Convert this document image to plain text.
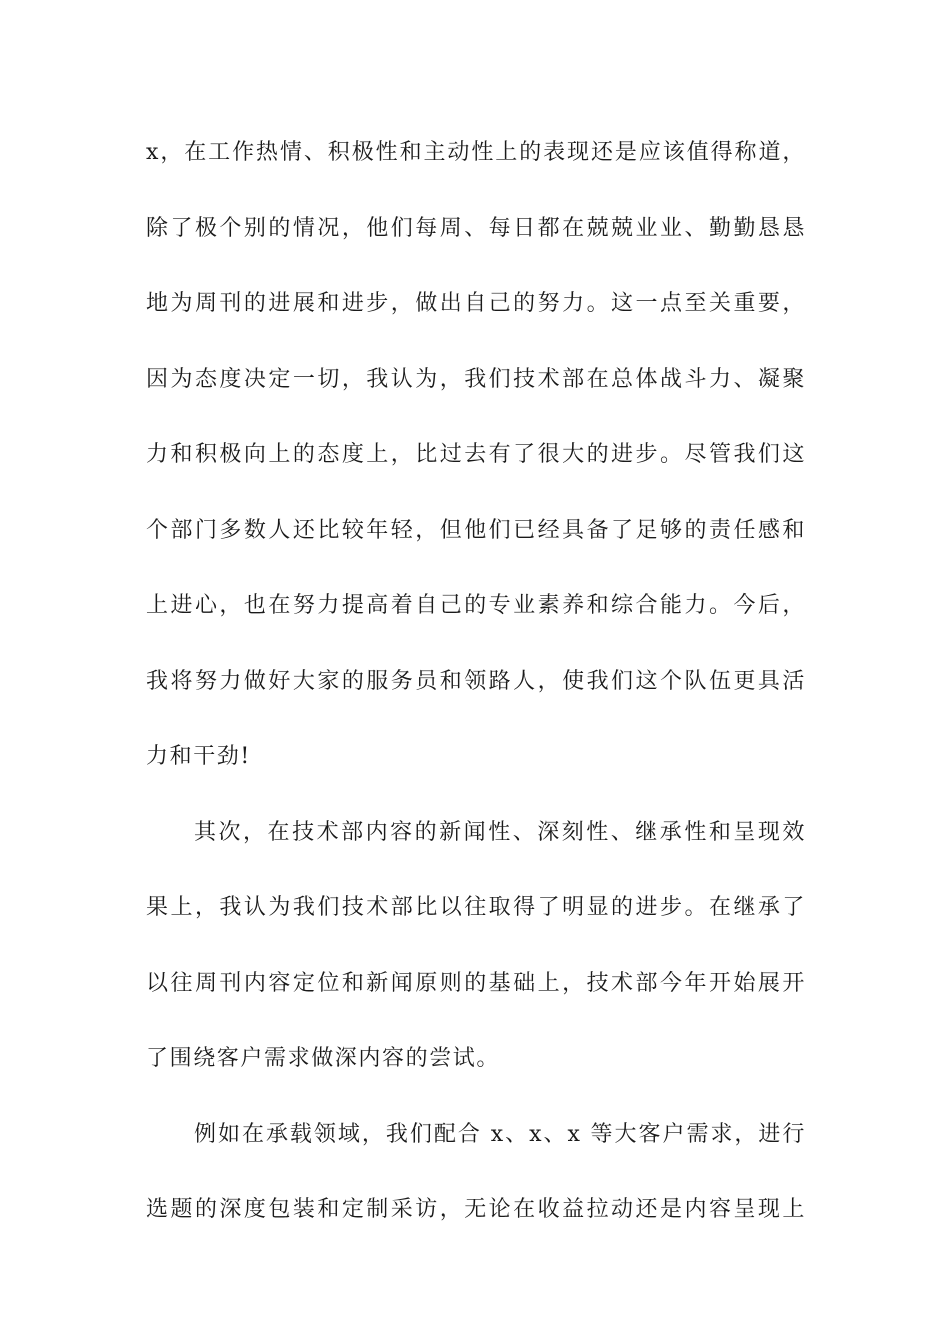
x，在工作热情、积极性和主动性上的表现还是应该值得称道，
除了极个别的情况，他们每周、每日都在兢兢业业、勤勤恳恳
地为周刊的进展和进步，做出自己的努力。这一点至关重要，
因为态度决定一切，我认为，我们技术部在总体战斗力、凝聚
力和积极向上的态度上，比过去有了很大的进步。尽管我们这
个部门多数人还比较年轻，但他们已经具备了足够的责任感和
上进心，也在努力提高着自己的专业素养和综合能力。今后，
我将努力做好大家的服务员和领路人，使我们这个队伍更具活
力和干劲!
其次，在技术部内容的新闻性、深刻性、继承性和呈现效
果上，我认为我们技术部比以往取得了明显的进步。在继承了
以往周刊内容定位和新闻原则的基础上，技术部今年开始展开
了围绕客户需求做深内容的尝试。
例如在承载领域，我们配合 x、x、x 等大客户需求，进行
选题的深度包装和定制采访，无论在收益拉动还是内容呈现上
